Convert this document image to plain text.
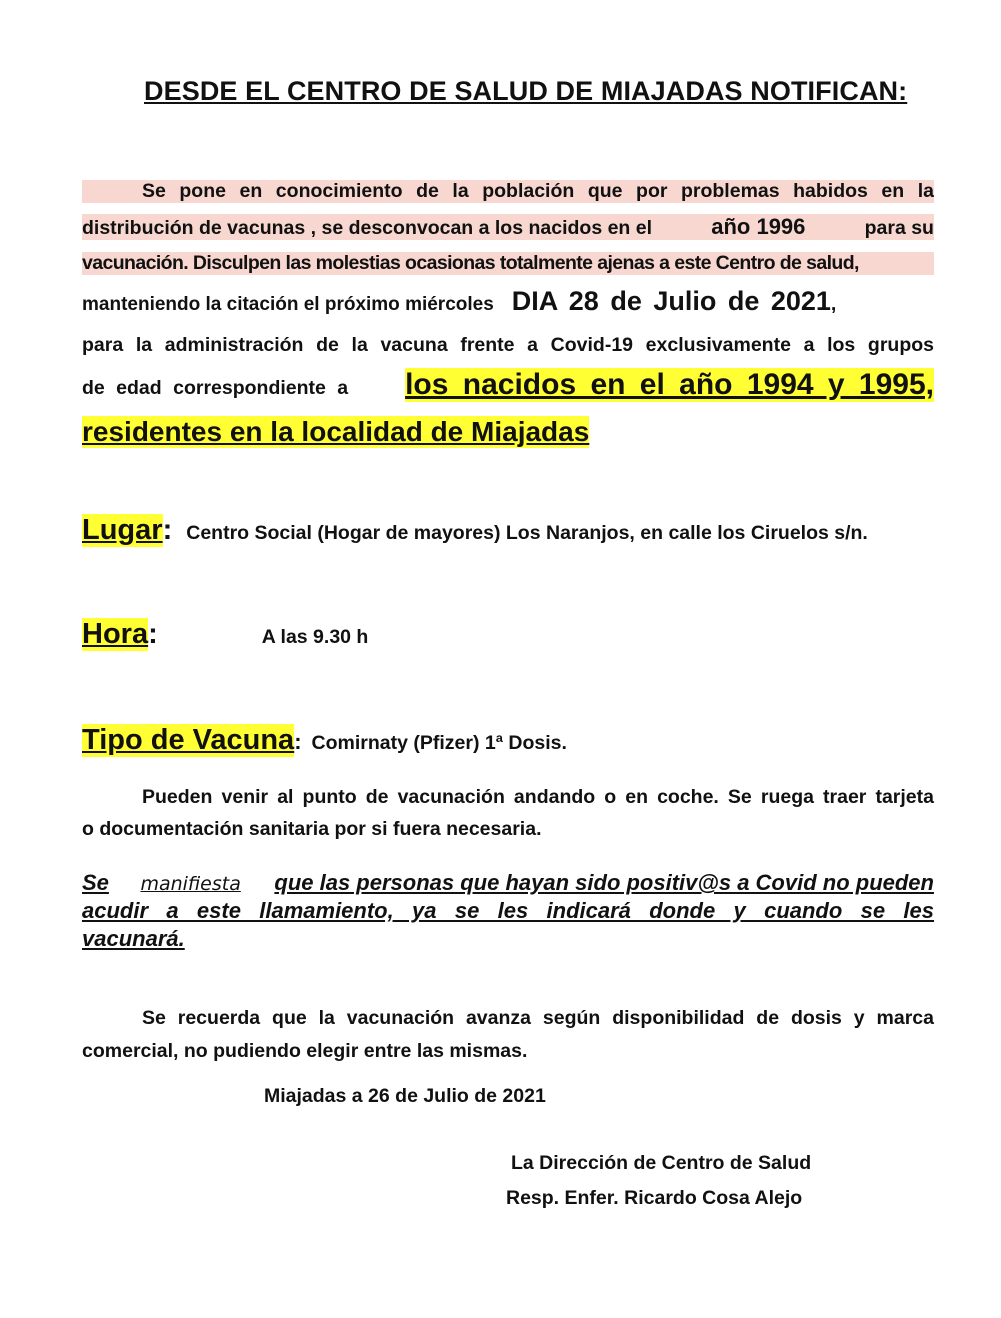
DESDE EL CENTRO DE SALUD DE MIAJADAS NOTIFICAN:
Se pone en conocimiento de la población que por problemas habidos en la
distribución de vacunas , se desconvocan a los nacidos en el	año 1996	para su
vacunación. Disculpen las molestias ocasionas totalmente ajenas a este Centro de salud,
manteniendo la citación el próximo miércoles DIA 28 de Julio de 2021 ,
para la administración de la vacuna frente a Covid-19 exclusivamente a los grupos
de edad correspondiente a los nacidos en el año 1994 y 1995,
residentes en la localidad de Miajadas
Lugar : Centro Social (Hogar de mayores) Los Naranjos, en calle los Ciruelos s/n.
Hora :	A las 9.30 h
Tipo de Vacuna : Comirnaty (Pfizer) 1ª Dosis.
Pueden venir al punto de vacunación andando o en coche. Se ruega traer tarjeta
o documentación sanitaria por si fuera necesaria.
Se manifiesta que las personas que hayan sido positiv@s a Covid no pueden
acudir a este llamamiento, ya se les indicará donde y cuando se les
vacunará.
Se recuerda que la vacunación avanza según disponibilidad de dosis y marca
comercial, no pudiendo elegir entre las mismas.
Miajadas a 26 de Julio de 2021
La Dirección de Centro de Salud
Resp. Enfer. Ricardo Cosa Alejo
